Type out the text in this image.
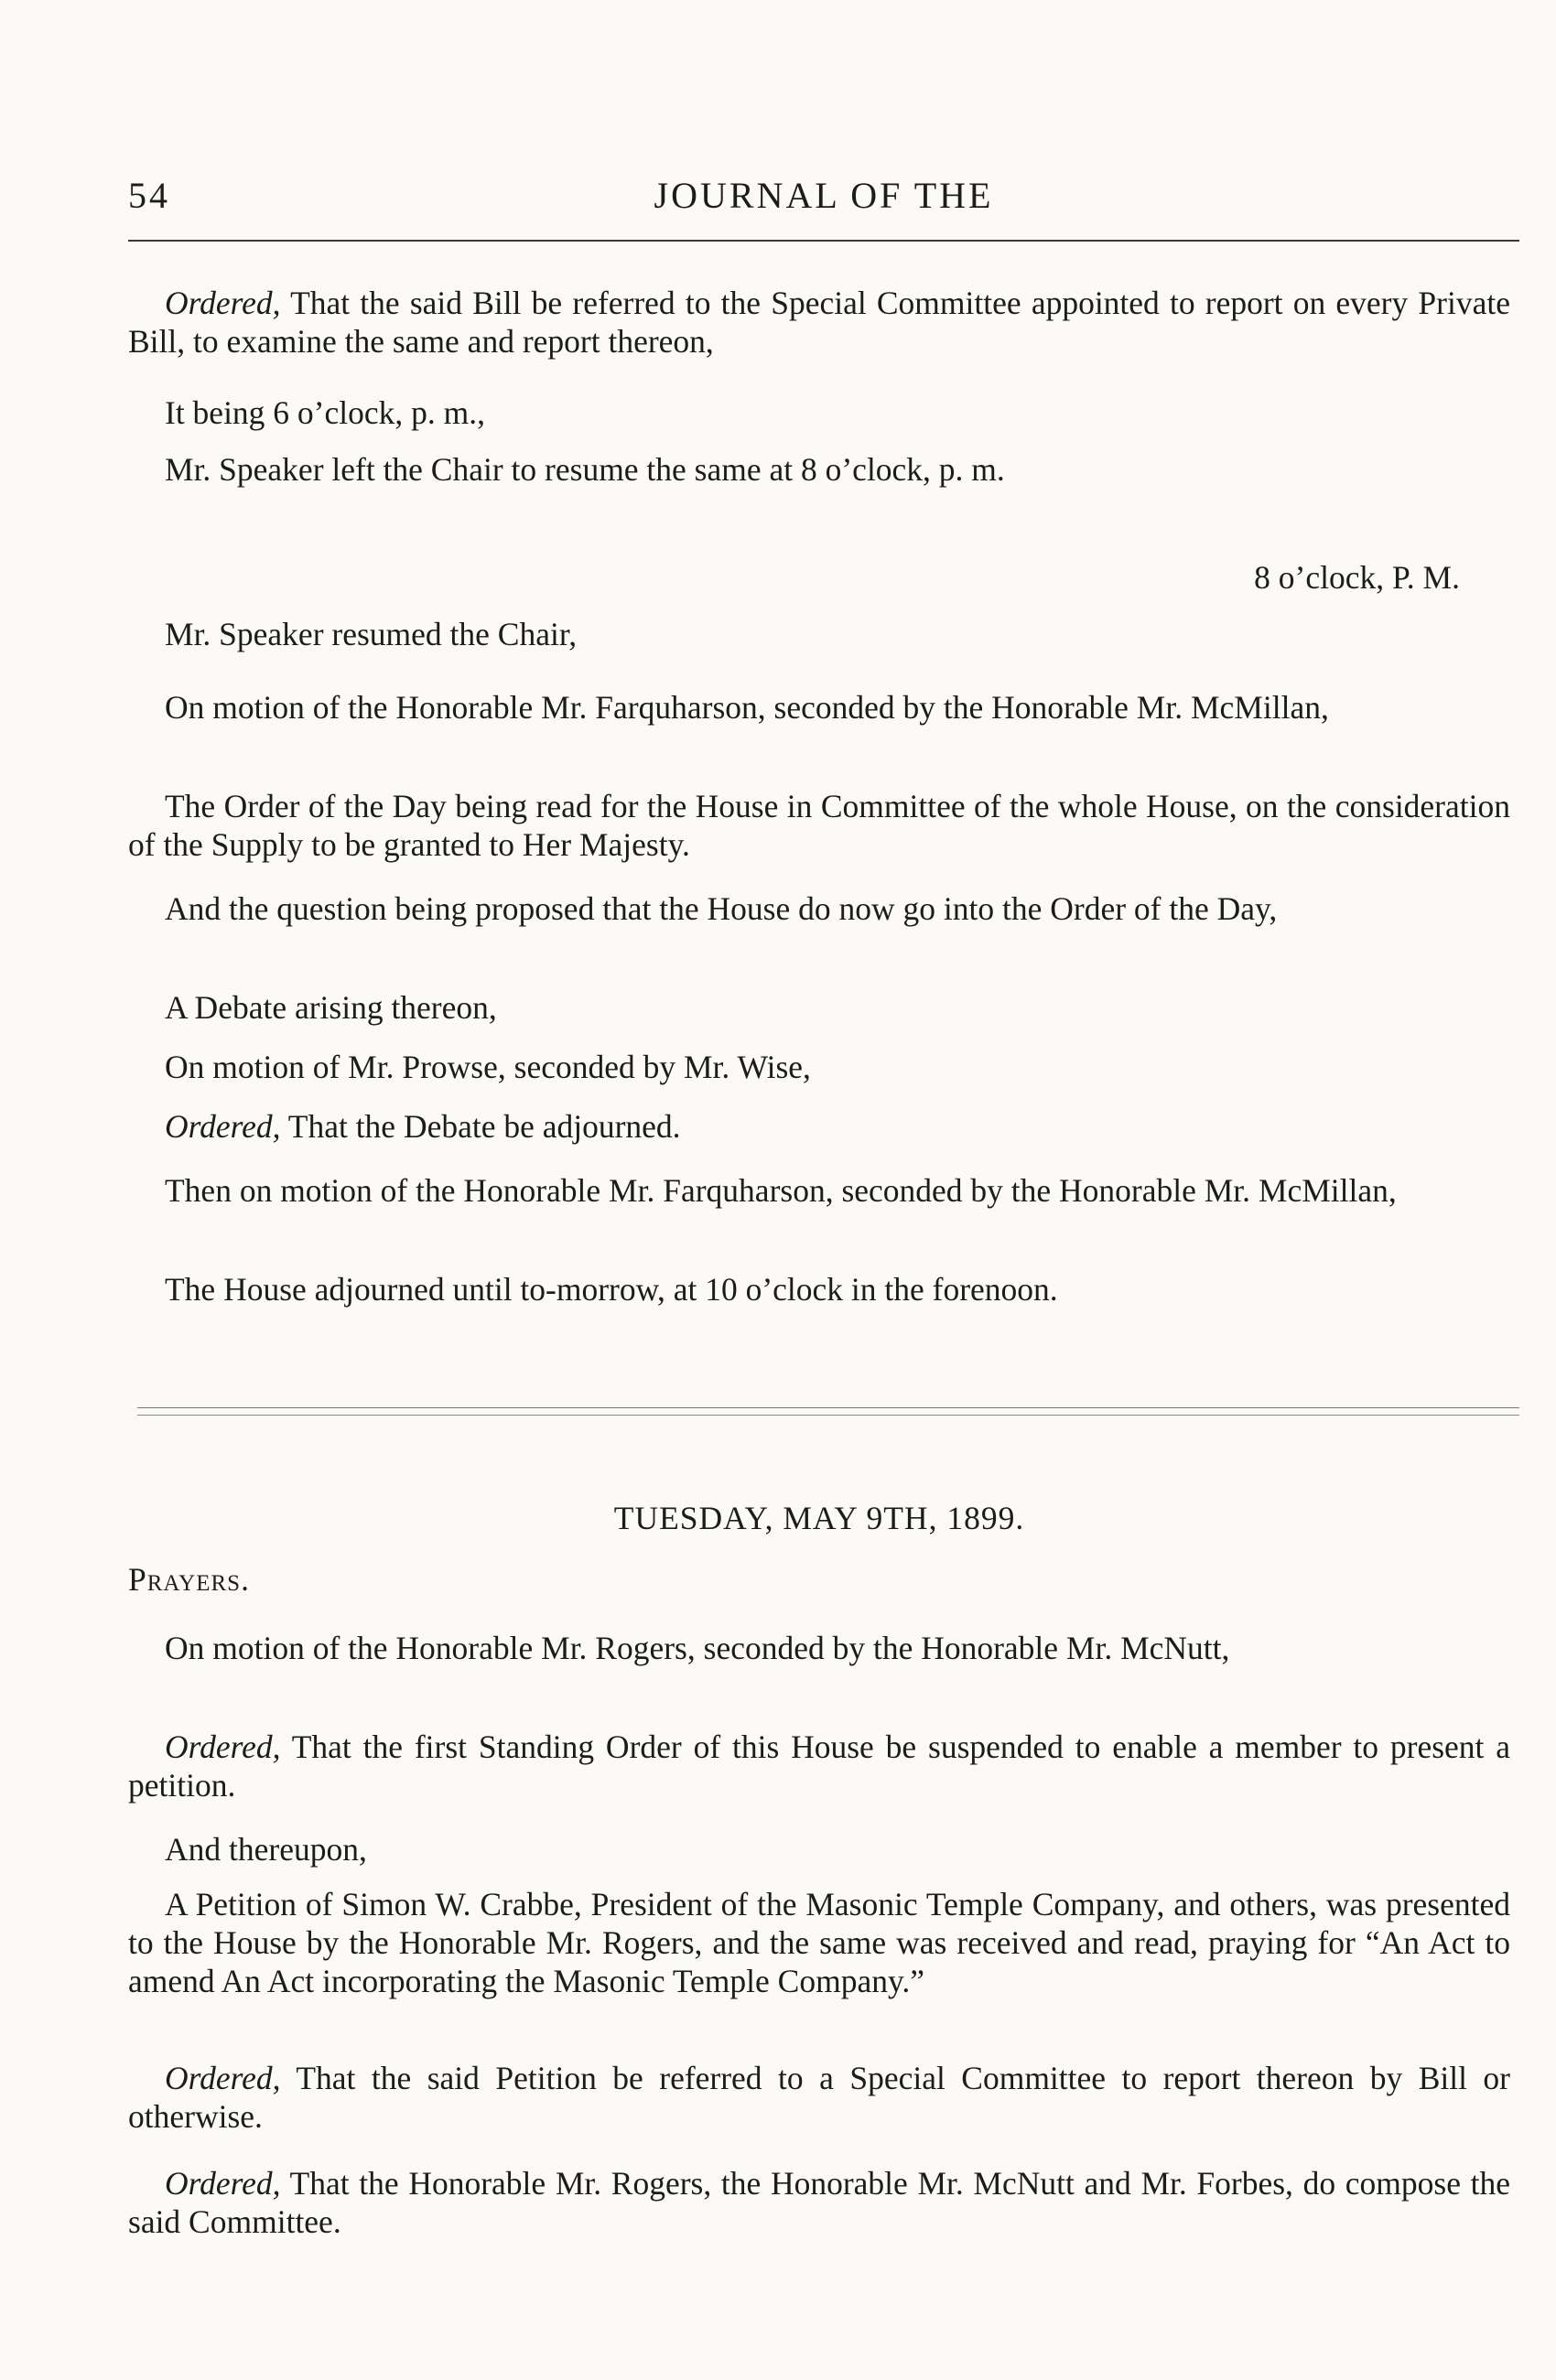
54	JOURNAL OF THE

Ordered, That the said Bill be referred to the Special Committee appointed to report on every Private Bill, to examine the same and report thereon,

It being 6 o’clock, p. m.,

Mr. Speaker left the Chair to resume the same at 8 o’clock, p. m.

8 o’clock, P. M.

Mr. Speaker resumed the Chair,

On motion of the Honorable Mr. Farquharson, seconded by the Honorable Mr. McMillan,

The Order of the Day being read for the House in Committee of the whole House, on the consideration of the Supply to be granted to Her Majesty.

And the question being proposed that the House do now go into the Order of the Day,

A Debate arising thereon,

On motion of Mr. Prowse, seconded by Mr. Wise,

Ordered, That the Debate be adjourned.

Then on motion of the Honorable Mr. Farquharson, seconded by the Honorable Mr. McMillan,

The House adjourned until to-morrow, at 10 o’clock in the forenoon.

TUESDAY, MAY 9TH, 1899.

Prayers.

On motion of the Honorable Mr. Rogers, seconded by the Honorable Mr. McNutt,

Ordered, That the first Standing Order of this House be suspended to enable a member to present a petition.

And thereupon,

A Petition of Simon W. Crabbe, President of the Masonic Temple Company, and others, was presented to the House by the Honorable Mr. Rogers, and the same was received and read, praying for “An Act to amend An Act incorporating the Masonic Temple Company.”

Ordered, That the said Petition be referred to a Special Committee to report thereon by Bill or otherwise.

Ordered, That the Honorable Mr. Rogers, the Honorable Mr. McNutt and Mr. Forbes, do compose the said Committee.
